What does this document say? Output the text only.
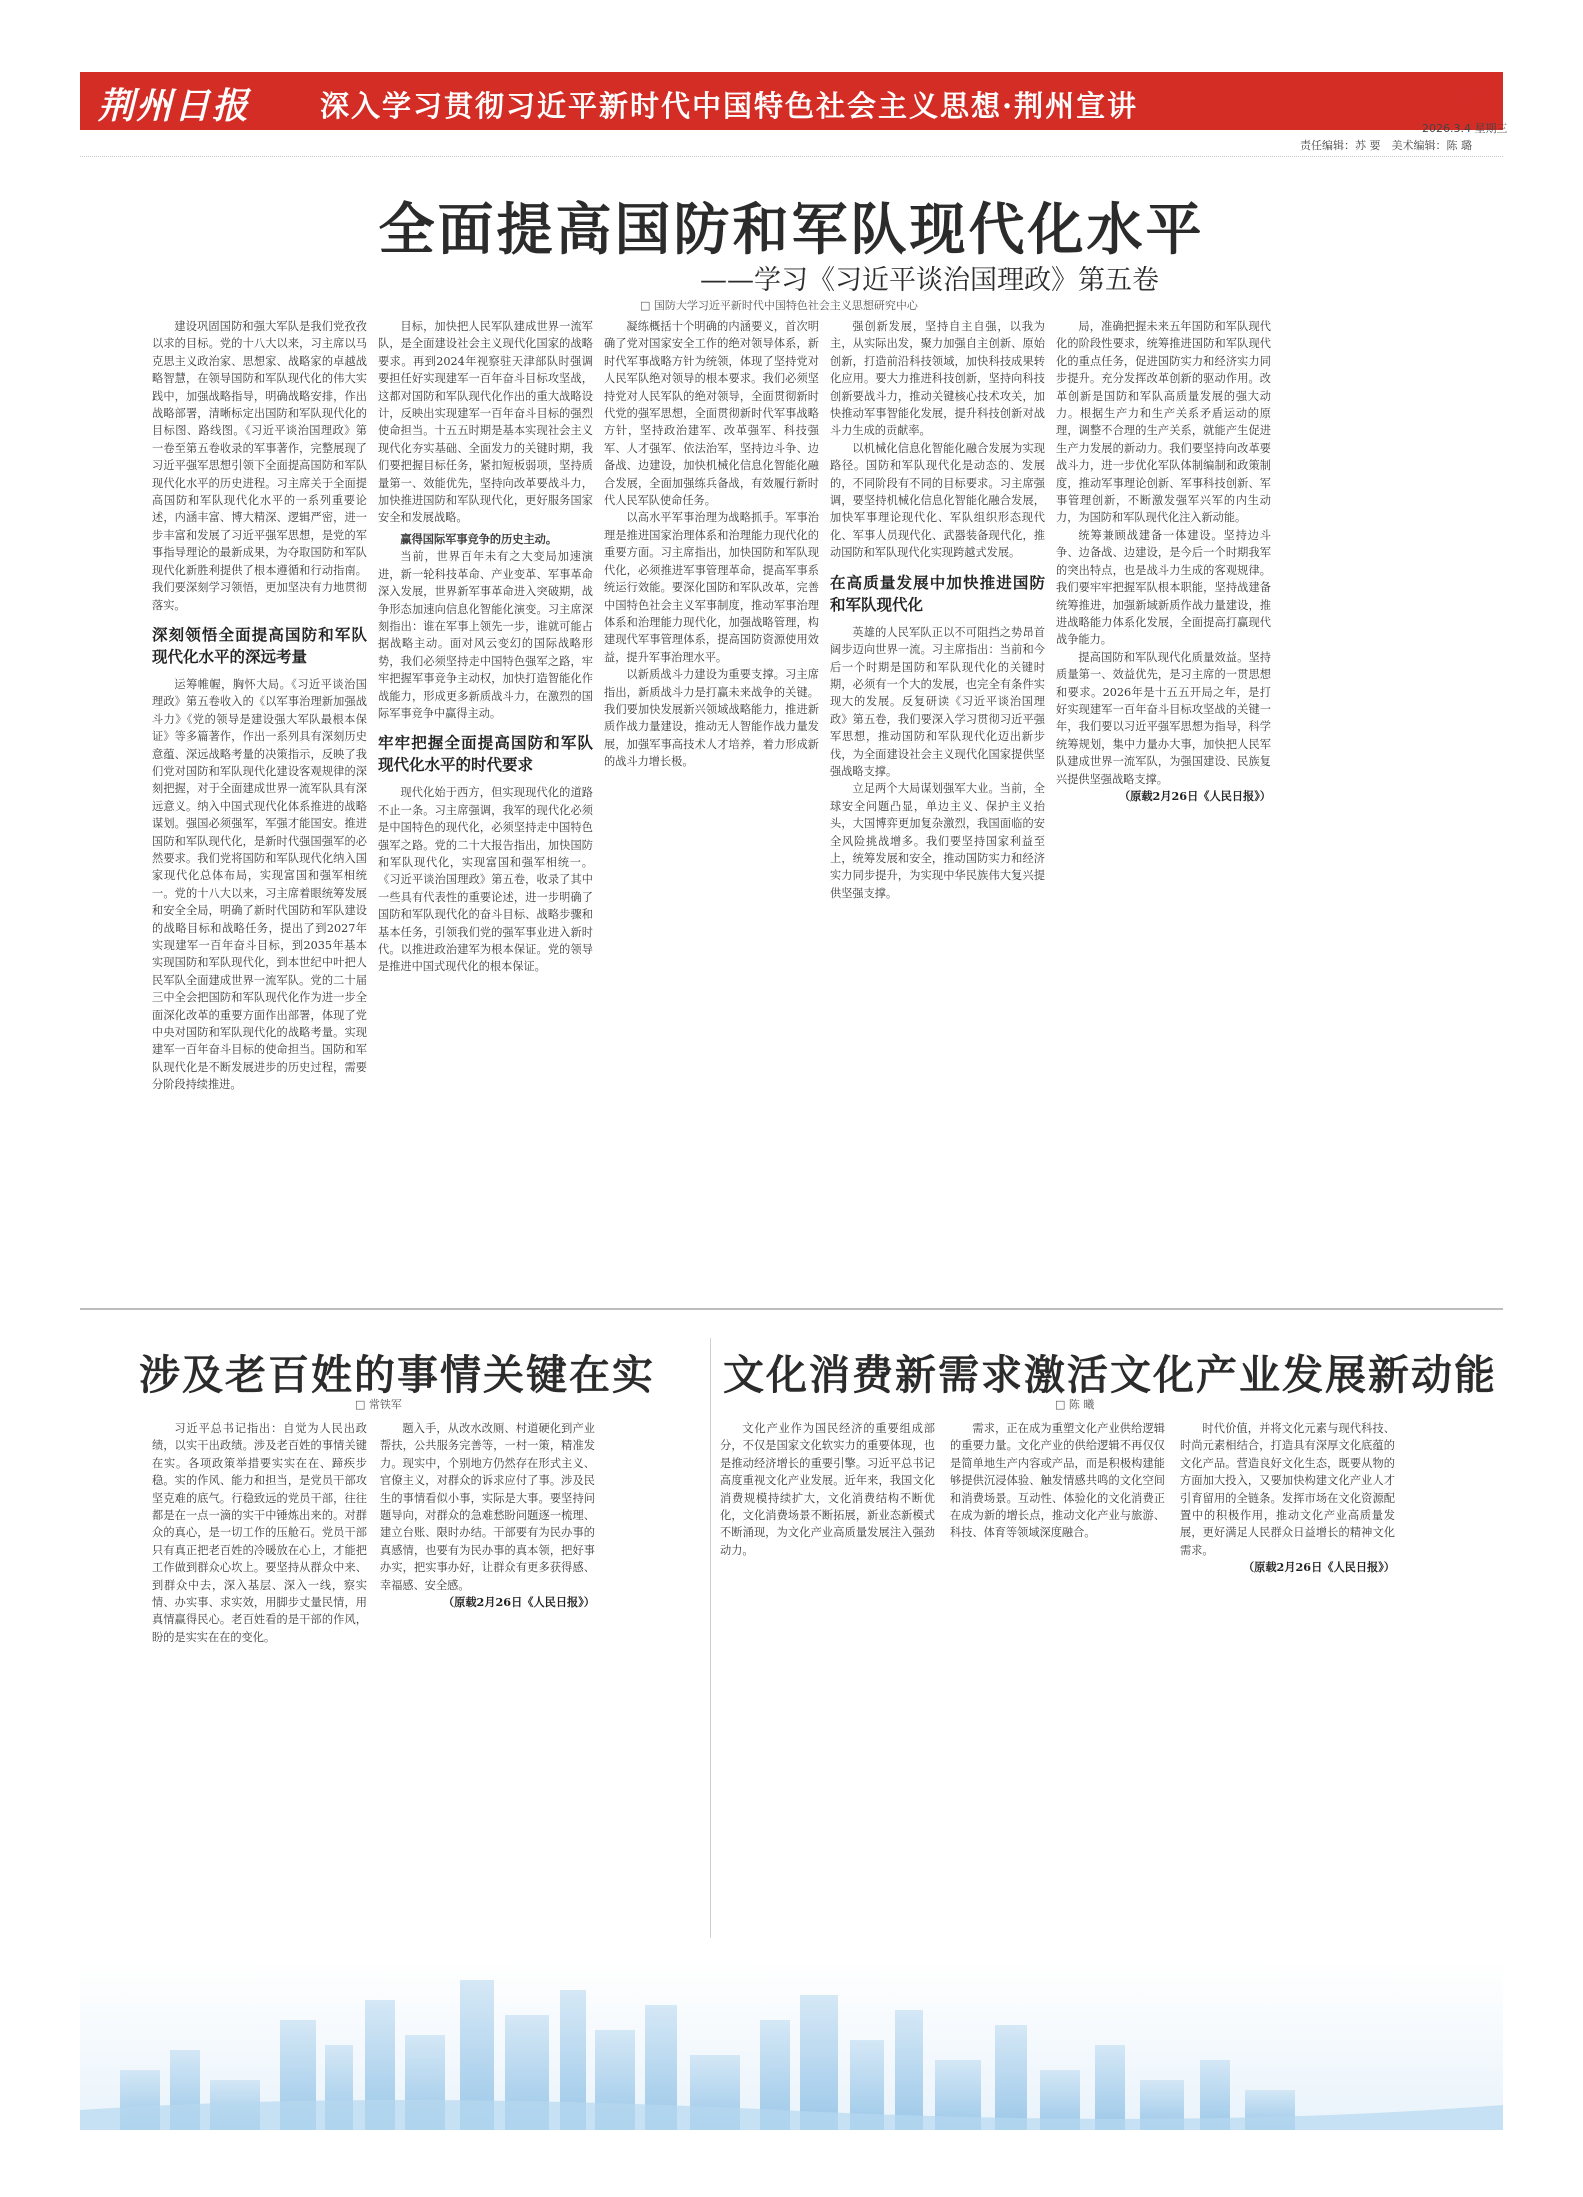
荆州日报 深入学习贯彻习近平新时代中国特色社会主义思想·荆州宣讲	05
2026.3.4 星期三
责任编辑：苏 要　美术编辑：陈 璐
全面提高国防和军队现代化水平
——学习《习近平谈治国理政》第五卷
□ 国防大学习近平新时代中国特色社会主义思想研究中心

建设巩固国防和强大军队是我们党孜孜以求的目标。党的十八大以来，习主席以马克思主义政治家、思想家、战略家的卓越战略智慧，在领导国防和军队现代化的伟大实践中，加强战略指导，明确战略安排，作出战略部署，清晰标定出国防和军队现代化的目标图、路线图。《习近平谈治国理政》第一卷至第五卷收录的军事著作，完整展现了习近平强军思想引领下全面提高国防和军队现代化水平的历史进程。习主席关于全面提高国防和军队现代化水平的一系列重要论述，内涵丰富、博大精深、逻辑严密，进一步丰富和发展了习近平强军思想，是党的军事指导理论的最新成果，为夺取国防和军队现代化新胜利提供了根本遵循和行动指南。我们要深刻学习领悟，更加坚决有力地贯彻落实。

深刻领悟全面提高国防和军队现代化水平的深远考量

运筹帷幄，胸怀大局。《习近平谈治国理政》第五卷收入的《以军事治理新加强战斗力》《党的领导是建设强大军队最根本保证》等多篇著作，作出一系列具有深刻历史意蕴、深远战略考量的决策指示，反映了我们党对国防和军队现代化建设客观规律的深刻把握，对于全面建成世界一流军队具有深远意义。纳入中国式现代化体系推进的战略谋划。强国必须强军，军强才能国安。推进国防和军队现代化，是新时代强国强军的必然要求。我们党将国防和军队现代化纳入国家现代化总体布局，实现富国和强军相统一。党的十八大以来，习主席着眼统筹发展和安全全局，明确了新时代国防和军队建设的战略目标和战略任务，提出了到2027年实现建军一百年奋斗目标，到2035年基本实现国防和军队现代化，到本世纪中叶把人民军队全面建成世界一流军队。党的二十届三中全会把国防和军队现代化作为进一步全面深化改革的重要方面作出部署，体现了党中央对国防和军队现代化的战略考量。实现建军一百年奋斗目标的使命担当。国防和军队现代化是不断发展进步的历史过程，需要分阶段持续推进。

目标，加快把人民军队建成世界一流军队，是全面建设社会主义现代化国家的战略要求。再到2024年视察驻天津部队时强调要担任好实现建军一百年奋斗目标攻坚战，这都对国防和军队现代化作出的重大战略设计，反映出实现建军一百年奋斗目标的强烈使命担当。十五五时期是基本实现社会主义现代化夯实基础、全面发力的关键时期，我们要把握目标任务，紧扣短板弱项，坚持质量第一、效能优先，坚持向改革要战斗力，加快推进国防和军队现代化，更好服务国家安全和发展战略。

赢得国际军事竞争的历史主动。

当前，世界百年未有之大变局加速演进，新一轮科技革命、产业变革、军事革命深入发展，世界新军事革命进入突破期，战争形态加速向信息化智能化演变。习主席深刻指出：谁在军事上领先一步，谁就可能占据战略主动。面对风云变幻的国际战略形势，我们必须坚持走中国特色强军之路，牢牢把握军事竞争主动权，加快打造智能化作战能力，形成更多新质战斗力，在激烈的国际军事竞争中赢得主动。

牢牢把握全面提高国防和军队现代化水平的时代要求

现代化始于西方，但实现现代化的道路不止一条。习主席强调，我军的现代化必须是中国特色的现代化，必须坚持走中国特色强军之路。党的二十大报告指出，加快国防和军队现代化，实现富国和强军相统一。《习近平谈治国理政》第五卷，收录了其中一些具有代表性的重要论述，进一步明确了国防和军队现代化的奋斗目标、战略步骤和基本任务，引领我们党的强军事业进入新时代。以推进政治建军为根本保证。党的领导是推进中国式现代化的根本保证。

凝练概括十个明确的内涵要义，首次明确了党对国家安全工作的绝对领导体系，新时代军事战略方针为统领，体现了坚持党对人民军队绝对领导的根本要求。我们必须坚持党对人民军队的绝对领导，全面贯彻新时代党的强军思想，全面贯彻新时代军事战略方针，坚持政治建军、改革强军、科技强军、人才强军、依法治军，坚持边斗争、边备战、边建设，加快机械化信息化智能化融合发展，全面加强练兵备战，有效履行新时代人民军队使命任务。

以高水平军事治理为战略抓手。军事治理是推进国家治理体系和治理能力现代化的重要方面。习主席指出，加快国防和军队现代化，必须推进军事管理革命，提高军事系统运行效能。要深化国防和军队改革，完善中国特色社会主义军事制度，推动军事治理体系和治理能力现代化，加强战略管理，构建现代军事管理体系，提高国防资源使用效益，提升军事治理水平。

以新质战斗力建设为重要支撑。习主席指出，新质战斗力是打赢未来战争的关键。我们要加快发展新兴领域战略能力，推进新质作战力量建设，推动无人智能作战力量发展，加强军事高技术人才培养，着力形成新的战斗力增长极。

强创新发展，坚持自主自强，以我为主，从实际出发，聚力加强自主创新、原始创新，打造前沿科技领域，加快科技成果转化应用。要大力推进科技创新，坚持向科技创新要战斗力，推动关键核心技术攻关，加快推动军事智能化发展，提升科技创新对战斗力生成的贡献率。

以机械化信息化智能化融合发展为实现路径。国防和军队现代化是动态的、发展的，不同阶段有不同的目标要求。习主席强调，要坚持机械化信息化智能化融合发展，加快军事理论现代化、军队组织形态现代化、军事人员现代化、武器装备现代化，推动国防和军队现代化实现跨越式发展。

在高质量发展中加快推进国防和军队现代化

英雄的人民军队正以不可阻挡之势昂首阔步迈向世界一流。习主席指出：当前和今后一个时期是国防和军队现代化的关键时期，必须有一个大的发展，也完全有条件实现大的发展。反复研读《习近平谈治国理政》第五卷，我们要深入学习贯彻习近平强军思想，推动国防和军队现代化迈出新步伐，为全面建设社会主义现代化国家提供坚强战略支撑。

立足两个大局谋划强军大业。当前，全球安全问题凸显，单边主义、保护主义抬头，大国博弈更加复杂激烈，我国面临的安全风险挑战增多。我们要坚持国家利益至上，统筹发展和安全，推动国防实力和经济实力同步提升，为实现中华民族伟大复兴提供坚强支撑。

局，准确把握未来五年国防和军队现代化的阶段性要求，统筹推进国防和军队现代化的重点任务，促进国防实力和经济实力同步提升。充分发挥改革创新的驱动作用。改革创新是国防和军队高质量发展的强大动力。根据生产力和生产关系矛盾运动的原理，调整不合理的生产关系，就能产生促进生产力发展的新动力。我们要坚持向改革要战斗力，进一步优化军队体制编制和政策制度，推动军事理论创新、军事科技创新、军事管理创新，不断激发强军兴军的内生动力，为国防和军队现代化注入新动能。

统筹兼顾战建备一体建设。坚持边斗争、边备战、边建设，是今后一个时期我军的突出特点，也是战斗力生成的客观规律。我们要牢牢把握军队根本职能，坚持战建备统筹推进，加强新域新质作战力量建设，推进战略能力体系化发展，全面提高打赢现代战争能力。

提高国防和军队现代化质量效益。坚持质量第一、效益优先，是习主席的一贯思想和要求。2026年是十五五开局之年，是打好实现建军一百年奋斗目标攻坚战的关键一年，我们要以习近平强军思想为指导，科学统筹规划，集中力量办大事，加快把人民军队建成世界一流军队，为强国建设、民族复兴提供坚强战略支撑。

（原载2月26日《人民日报》）

涉及老百姓的事情关键在实
□ 常铁军

习近平总书记指出：自觉为人民出政绩，以实干出政绩。涉及老百姓的事情关键在实。各项政策举措要实实在在、蹄疾步稳。实的作风、能力和担当，是党员干部攻坚克难的底气。行稳致远的党员干部，往往都是在一点一滴的实干中锤炼出来的。对群众的真心，是一切工作的压舱石。党员干部只有真正把老百姓的冷暖放在心上，才能把工作做到群众心坎上。要坚持从群众中来、到群众中去，深入基层、深入一线，察实情、办实事、求实效，用脚步丈量民情，用真情赢得民心。老百姓看的是干部的作风，盼的是实实在在的变化。

题入手，从改水改厕、村道硬化到产业帮扶，公共服务完善等，一村一策，精准发力。现实中，个别地方仍然存在形式主义、官僚主义，对群众的诉求应付了事。涉及民生的事情看似小事，实际是大事。要坚持问题导向，对群众的急难愁盼问题逐一梳理、建立台账、限时办结。干部要有为民办事的真感情，也要有为民办事的真本领，把好事办实，把实事办好，让群众有更多获得感、幸福感、安全感。

（原载2月26日《人民日报》）

文化消费新需求激活文化产业发展新动能
□ 陈 曦

文化产业作为国民经济的重要组成部分，不仅是国家文化软实力的重要体现，也是推动经济增长的重要引擎。习近平总书记高度重视文化产业发展。近年来，我国文化消费规模持续扩大，文化消费结构不断优化，文化消费场景不断拓展，新业态新模式不断涌现，为文化产业高质量发展注入强劲动力。

需求，正在成为重塑文化产业供给逻辑的重要力量。文化产业的供给逻辑不再仅仅是简单地生产内容或产品，而是积极构建能够提供沉浸体验、触发情感共鸣的文化空间和消费场景。互动性、体验化的文化消费正在成为新的增长点，推动文化产业与旅游、科技、体育等领域深度融合。

时代价值，并将文化元素与现代科技、时尚元素相结合，打造具有深厚文化底蕴的文化产品。营造良好文化生态，既要从物的方面加大投入，又要加快构建文化产业人才引育留用的全链条。发挥市场在文化资源配置中的积极作用，推动文化产业高质量发展，更好满足人民群众日益增长的精神文化需求。

（原载2月26日《人民日报》）
